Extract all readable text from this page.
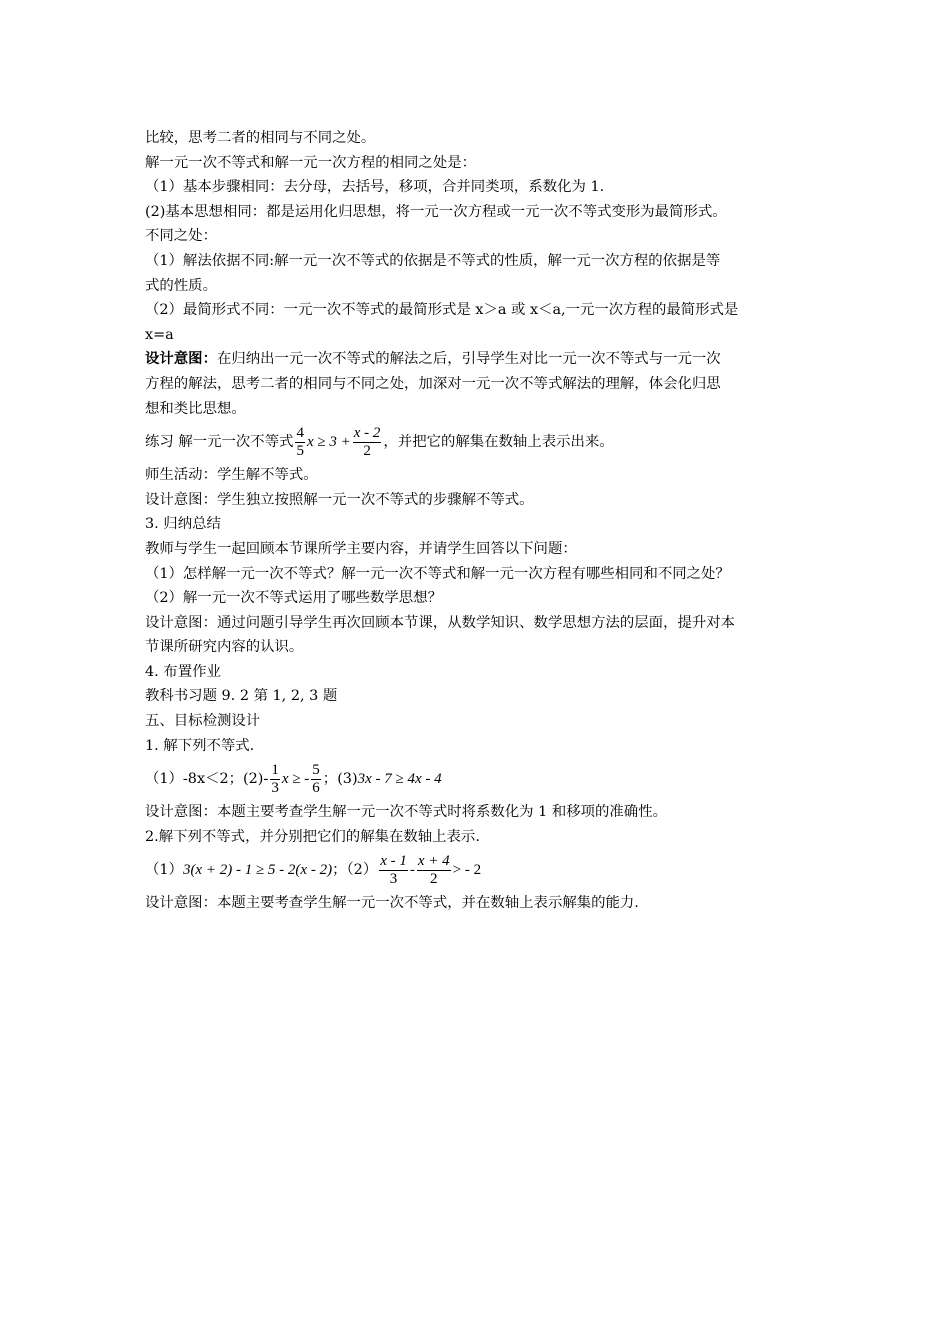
比较，思考二者的相同与不同之处。
解一元一次不等式和解一元一次方程的相同之处是：
（1）基本步骤相同：去分母，去括号，移项，合并同类项，系数化为 1.
(2)基本思想相同：都是运用化归思想，将一元一次方程或一元一次不等式变形为最简形式。
不同之处：
（1）解法依据不同:解一元一次不等式的依据是不等式的性质，解一元一次方程的依据是等
式的性质。
（2）最简形式不同：一元一次不等式的最简形式是 x＞a 或 x＜a,一元一次方程的最简形式是
x=a
设计意图：在归纳出一元一次不等式的解法之后，引导学生对比一元一次不等式与一元一次
方程的解法，思考二者的相同与不同之处，加深对一元一次不等式解法的理解，体会化归思
想和类比思想。
练习 解一元一次不等式 $\frac{4}{5}$ $x \ge 3 + \frac{x - 2}{2}$ ，并把它的解集在数轴上表示出来。
师生活动：学生解不等式。
设计意图：学生独立按照解一元一次不等式的步骤解不等式。
3. 归纳总结
教师与学生一起回顾本节课所学主要内容，并请学生回答以下问题：
（1）怎样解一元一次不等式？解一元一次不等式和解一元一次方程有哪些相同和不同之处？
（2）解一元一次不等式运用了哪些数学思想？
设计意图：通过问题引导学生再次回顾本节课，从数学知识、数学思想方法的层面，提升对本
节课所研究内容的认识。
4. 布置作业
教科书习题 9. 2 第 1, 2, 3 题
五、目标检测设计
1. 解下列不等式.
（1）-8x＜2；$(2)- \frac{1}{3}$ x ≥ - $\frac{5}{6}$ ；(3)3x - 7 ≥ 4x - 4
设计意图：本题主要考查学生解一元一次不等式时将系数化为 1 和移项的准确性。
2.解下列不等式，并分别把它们的解集在数轴上表示.
（1）3(x + 2) - 1 ≥ 5 - 2(x - 2)；$(2) \frac{x - 1}{3} - \frac{x + 4}{2}$ > - 2
设计意图：本题主要考查学生解一元一次不等式，并在数轴上表示解集的能力.
